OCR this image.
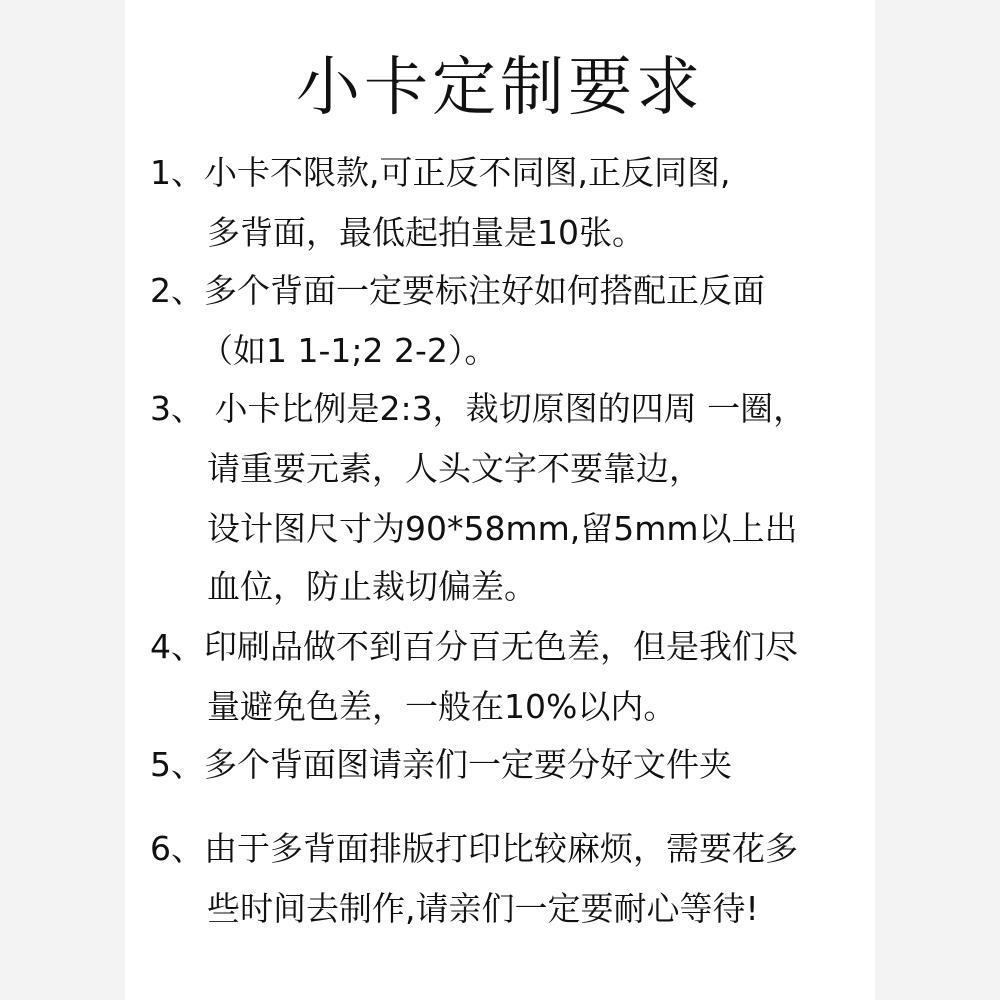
小卡定制要求

1、小卡不限款,可正反不同图,正反同图,

多背面，最低起拍量是10张。

2、多个背面一定要标注好如何搭配正反面

（如1 1-1;2 2-2）。

3、 小卡比例是2:3，裁切原图的四周 一圈，

请重要元素，人头文字不要靠边，

设计图尺寸为90*58mm,留5mm以上出

血位，防止裁切偏差。

4、印刷品做不到百分百无色差，但是我们尽

量避免色差，一般在10%以内。

5、多个背面图请亲们一定要分好文件夹

6、由于多背面排版打印比较麻烦，需要花多

些时间去制作,请亲们一定要耐心等待!
